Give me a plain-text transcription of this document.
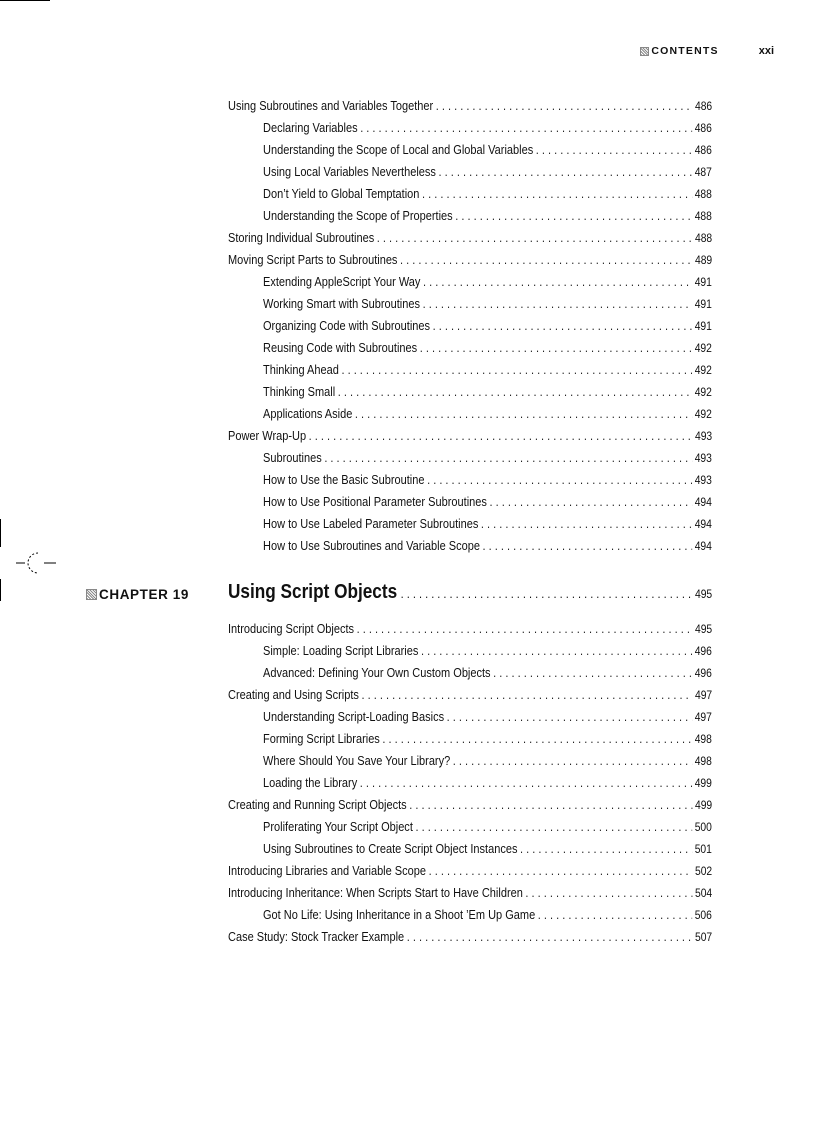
CONTENTS	xxi
Using Subroutines and Variables Together . . .	486
Declaring Variables . . .	486
Understanding the Scope of Local and Global Variables . . .	486
Using Local Variables Nevertheless . . .	487
Don’t Yield to Global Temptation . . .	488
Understanding the Scope of Properties . . .	488
Storing Individual Subroutines . . .	488
Moving Script Parts to Subroutines . . .	489
Extending AppleScript Your Way . . .	491
Working Smart with Subroutines . . .	491
Organizing Code with Subroutines . . .	491
Reusing Code with Subroutines . . .	492
Thinking Ahead . . .	492
Thinking Small . . .	492
Applications Aside . . .	492
Power Wrap-Up . . .	493
Subroutines . . .	493
How to Use the Basic Subroutine . . .	493
How to Use Positional Parameter Subroutines . . .	494
How to Use Labeled Parameter Subroutines . . .	494
How to Use Subroutines and Variable Scope . . .	494
CHAPTER 19 Using Script Objects . . .	495
Introducing Script Objects . . .	495
Simple: Loading Script Libraries . . .	496
Advanced: Defining Your Own Custom Objects . . .	496
Creating and Using Scripts . . .	497
Understanding Script-Loading Basics . . .	497
Forming Script Libraries . . .	498
Where Should You Save Your Library? . . .	498
Loading the Library . . .	499
Creating and Running Script Objects . . .	499
Proliferating Your Script Object . . .	500
Using Subroutines to Create Script Object Instances . . .	501
Introducing Libraries and Variable Scope . . .	502
Introducing Inheritance: When Scripts Start to Have Children . . .	504
Got No Life: Using Inheritance in a Shoot ’Em Up Game . . .	506
Case Study: Stock Tracker Example . . .	507
